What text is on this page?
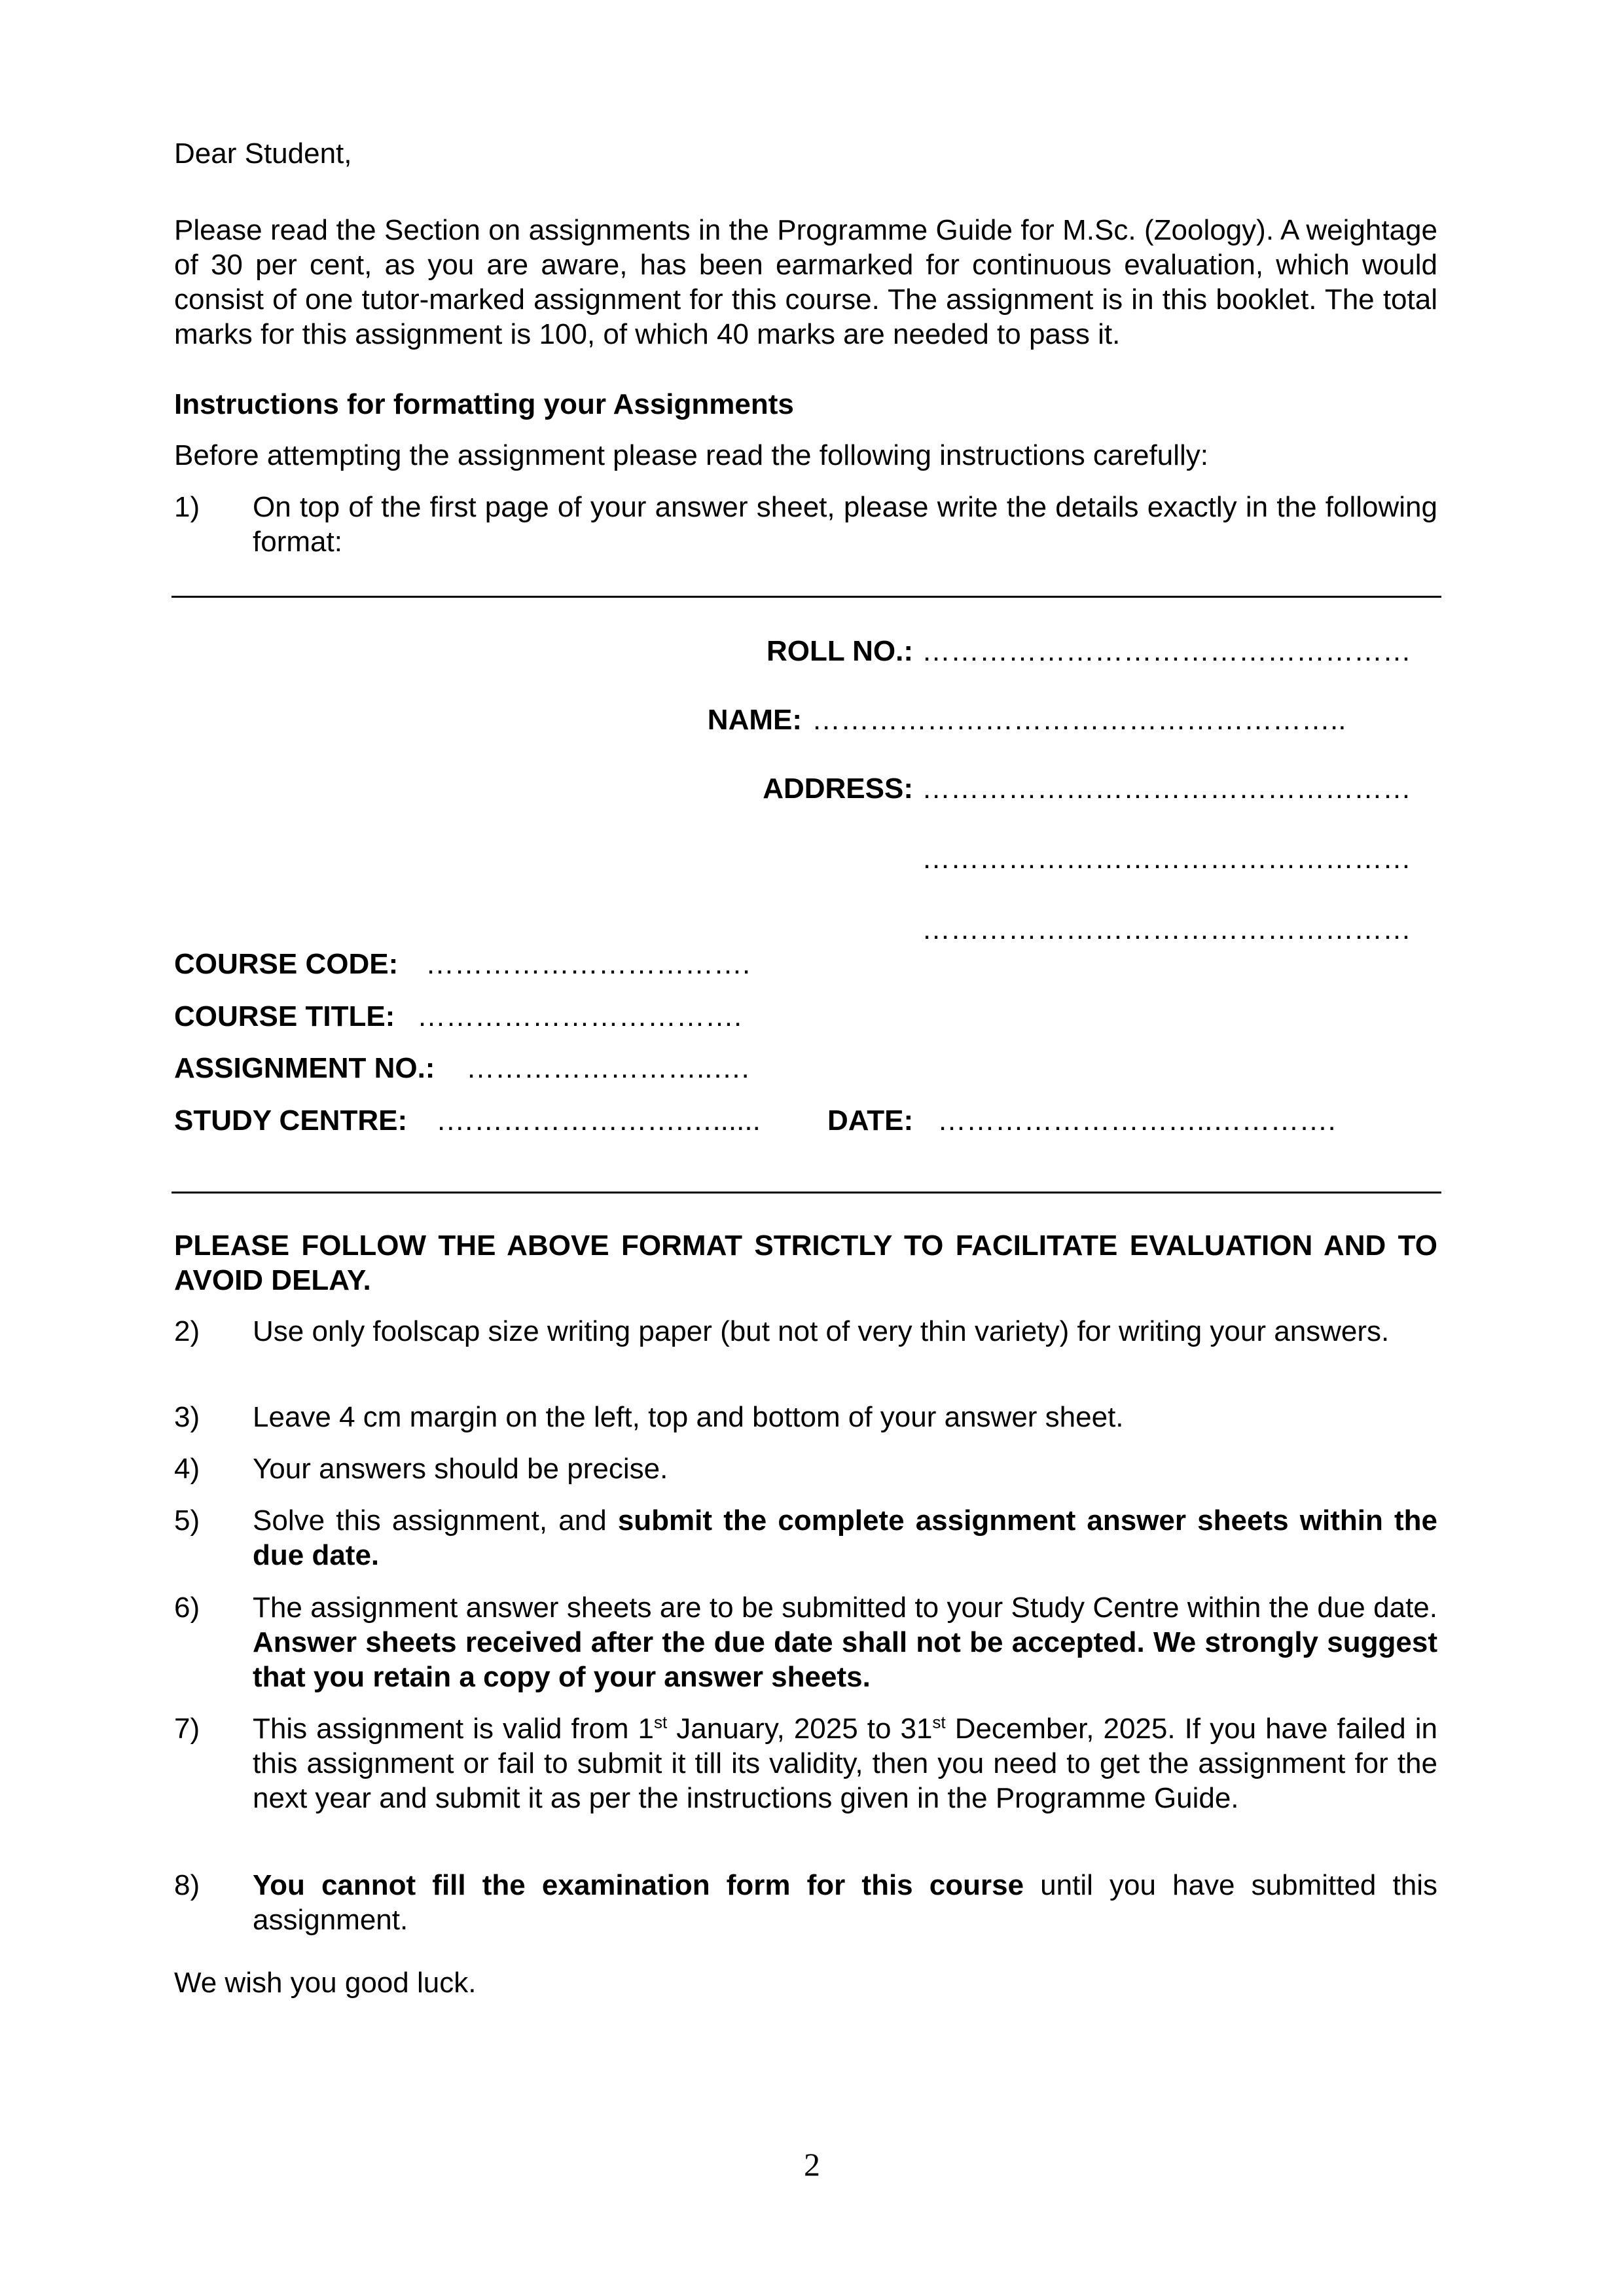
Dear Student,

Please read the Section on assignments in the Programme Guide for M.Sc. (Zoology). A weightage of 30 per cent, as you are aware, has been earmarked for continuous evaluation, which would consist of one tutor-marked assignment for this course. The assignment is in this booklet. The total marks for this assignment is 100, of which 40 marks are needed to pass it.

Instructions for formatting your Assignments

Before attempting the assignment please read the following instructions carefully:

1) On top of the first page of your answer sheet, please write the details exactly in the following format:
ROLL NO.: ……………………………………………
NAME: ………………………………………………..
ADDRESS: ……………………………………………
……………………………………………
……………………………………………
COURSE CODE: …………………………….
COURSE TITLE: …………………………….
ASSIGNMENT NO.: ……………………..….
STUDY CENTRE: .…………………….…...... DATE: ………………………..………….

PLEASE FOLLOW THE ABOVE FORMAT STRICTLY TO FACILITATE EVALUATION AND TO AVOID DELAY.

2) Use only foolscap size writing paper (but not of very thin variety) for writing your answers.
3) Leave 4 cm margin on the left, top and bottom of your answer sheet.
4) Your answers should be precise.
5) Solve this assignment, and submit the complete assignment answer sheets within the due date.
6) The assignment answer sheets are to be submitted to your Study Centre within the due date. Answer sheets received after the due date shall not be accepted. We strongly suggest that you retain a copy of your answer sheets.
7) This assignment is valid from 1st January, 2025 to 31st December, 2025. If you have failed in this assignment or fail to submit it till its validity, then you need to get the assignment for the next year and submit it as per the instructions given in the Programme Guide.
8) You cannot fill the examination form for this course until you have submitted this assignment.

We wish you good luck.

2
